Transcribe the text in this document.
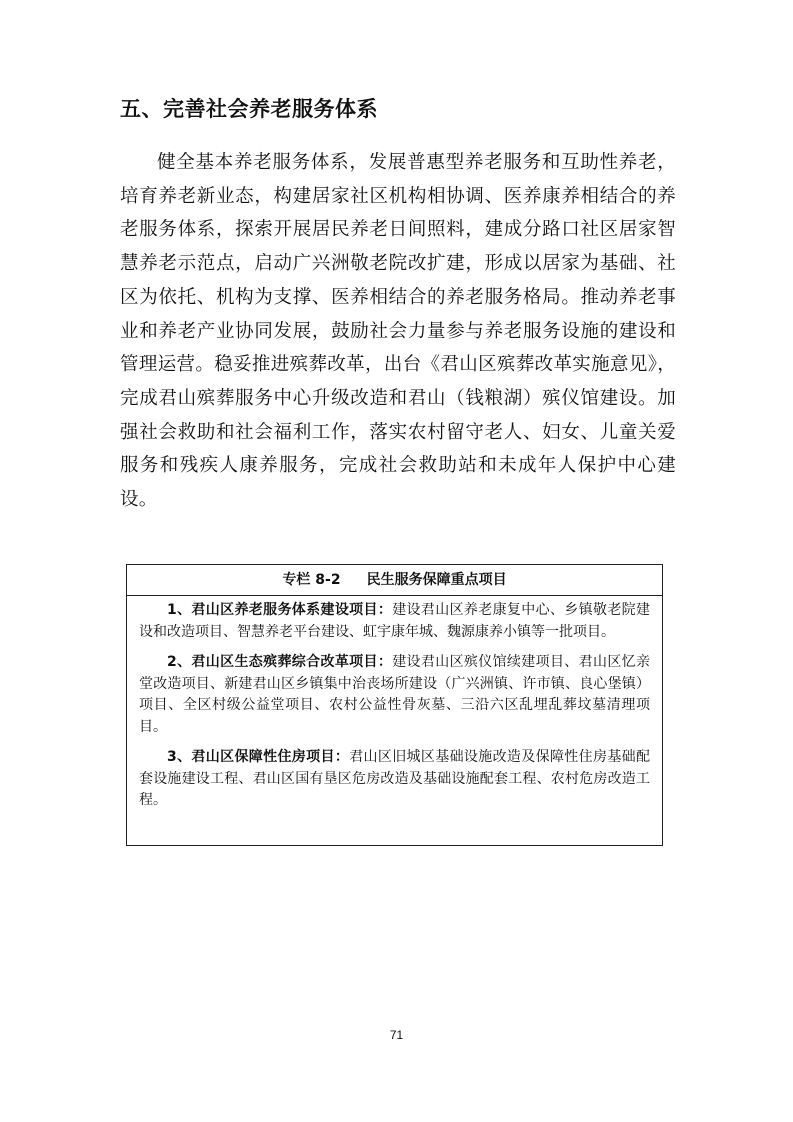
五、完善社会养老服务体系

健全基本养老服务体系，发展普惠型养老服务和互助性养老，培育养老新业态，构建居家社区机构相协调、医养康养相结合的养老服务体系，探索开展居民养老日间照料，建成分路口社区居家智慧养老示范点，启动广兴洲敬老院改扩建，形成以居家为基础、社区为依托、机构为支撑、医养相结合的养老服务格局。推动养老事业和养老产业协同发展，鼓励社会力量参与养老服务设施的建设和管理运营。稳妥推进殡葬改革，出台《君山区殡葬改革实施意见》，完成君山殡葬服务中心升级改造和君山（钱粮湖）殡仪馆建设。加强社会救助和社会福利工作，落实农村留守老人、妇女、儿童关爱服务和残疾人康养服务，完成社会救助站和未成年人保护中心建设。

专栏 8-2 民生服务保障重点项目

1、君山区养老服务体系建设项目：建设君山区养老康复中心、乡镇敬老院建设和改造项目、智慧养老平台建设、虹宇康年城、魏源康养小镇等一批项目。

2、君山区生态殡葬综合改革项目：建设君山区殡仪馆续建项目、君山区忆亲堂改造项目、新建君山区乡镇集中治丧场所建设（广兴洲镇、许市镇、良心堡镇）项目、全区村级公益堂项目、农村公益性骨灰墓、三沿六区乱埋乱葬坟墓清理项目。

3、君山区保障性住房项目：君山区旧城区基础设施改造及保障性住房基础配套设施建设工程、君山区国有垦区危房改造及基础设施配套工程、农村危房改造工程。

71
